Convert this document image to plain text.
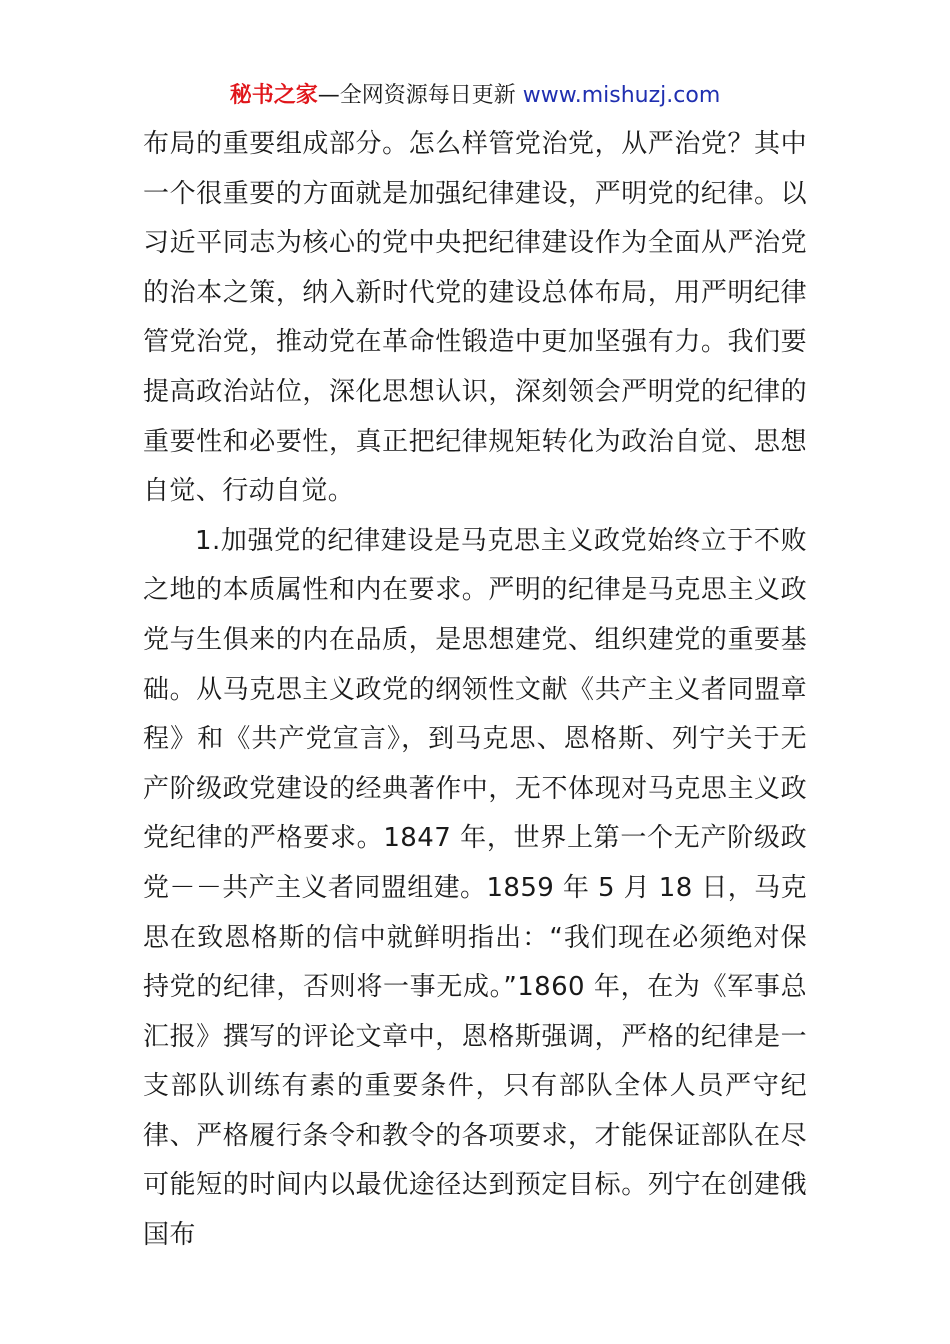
秘书之家—全网资源每日更新 www.mishuzj.com

布局的重要组成部分。怎么样管党治党，从严治党？其中一个很重要的方面就是加强纪律建设，严明党的纪律。以习近平同志为核心的党中央把纪律建设作为全面从严治党的治本之策，纳入新时代党的建设总体布局，用严明纪律管党治党，推动党在革命性锻造中更加坚强有力。我们要提高政治站位，深化思想认识，深刻领会严明党的纪律的重要性和必要性，真正把纪律规矩转化为政治自觉、思想自觉、行动自觉。

1.加强党的纪律建设是马克思主义政党始终立于不败之地的本质属性和内在要求。严明的纪律是马克思主义政党与生俱来的内在品质，是思想建党、组织建党的重要基础。从马克思主义政党的纲领性文献《共产主义者同盟章程》和《共产党宣言》，到马克思、恩格斯、列宁关于无产阶级政党建设的经典著作中，无不体现对马克思主义政党纪律的严格要求。1847 年，世界上第一个无产阶级政党－－共产主义者同盟组建。1859 年 5 月 18 日，马克思在致恩格斯的信中就鲜明指出：“我们现在必须绝对保持党的纪律，否则将一事无成。”1860 年，在为《军事总汇报》撰写的评论文章中，恩格斯强调，严格的纪律是一支部队训练有素的重要条件，只有部队全体人员严守纪律、严格履行条令和教令的各项要求，才能保证部队在尽可能短的时间内以最优途径达到预定目标。列宁在创建俄国布
